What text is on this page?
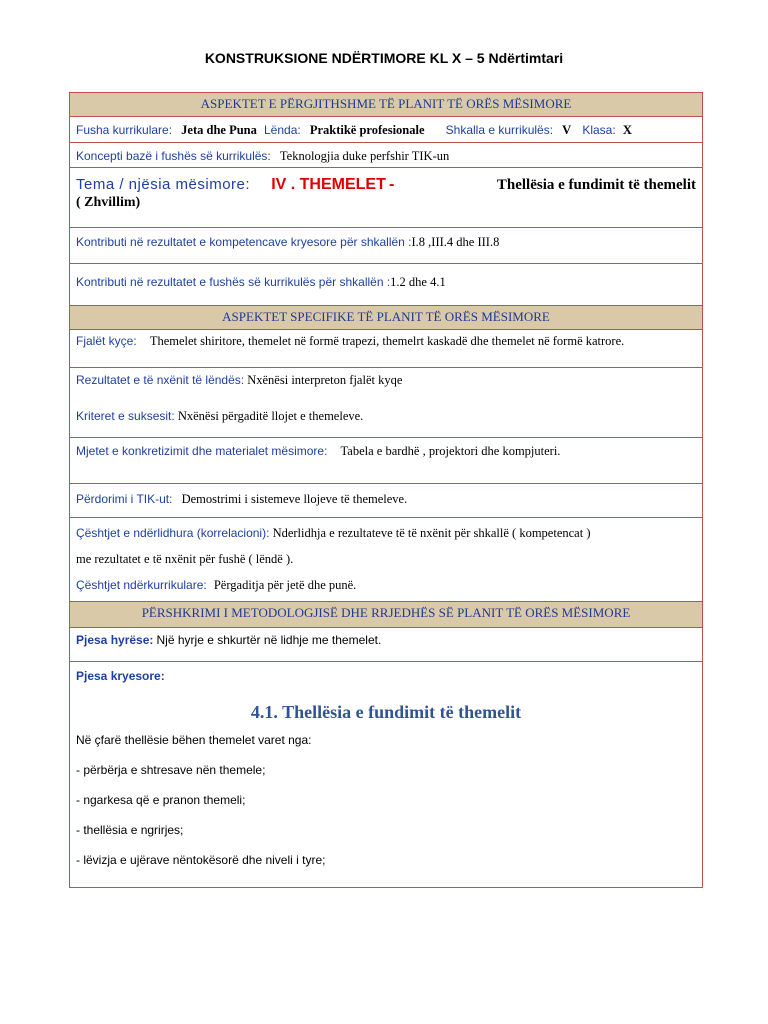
KONSTRUKSIONE NDËRTIMORE KL X – 5 Ndërtimtari
ASPEKTET E PËRGJITHSHME TË PLANIT TË ORËS MËSIMORE
Fusha kurrikulare: Jeta dhe Puna Lënda: Praktikë profesionale Shkalla e kurrikulës: V Klasa: X
Koncepti bazë i fushës së kurrikulës: Teknologjia duke perfshir TIK-un
Tema / njësia mësimore: IV . THEMELET -	Thellësia e fundimit të themelit
( Zhvillim)
Kontributi në rezultatet e kompetencave kryesore për shkallën :I.8 ,III.4 dhe III.8
Kontributi në rezultatet e fushës së kurrikulës për shkallën :1.2 dhe 4.1
ASPEKTET SPECIFIKE TË PLANIT TË ORËS MËSIMORE
Fjalët kyçe: Themelet shiritore, themelet në formë trapezi, themelrt kaskadë dhe themelet në formë katrore.
Rezultatet e të nxënit të lëndës: Nxënësi interpreton fjalët kyqe
Kriteret e suksesit: Nxënësi përgaditë llojet e themeleve.
Mjetet e konkretizimit dhe materialet mësimore: Tabela e bardhë , projektori dhe kompjuteri.
Përdorimi i TIK-ut: Demostrimi i sistemeve llojeve të themeleve.
Çështjet e ndërlidhura (korrelacioni): Nderlidhja e rezultateve të të nxënit për shkallë ( kompetencat )
me rezultatet e të nxënit për fushë ( lëndë ).
Çështjet ndërkurrikulare: Përgaditja për jetë dhe punë.
PËRSHKRIMI I METODOLOGJISË DHE RRJEDHËS SË PLANIT TË ORËS MËSIMORE
Pjesa hyrëse: Një hyrje e shkurtër në lidhje me themelet.
Pjesa kryesore:
4.1. Thellësia e fundimit të themelit
Në çfarë thellësie bëhen themelet varet nga:
- përbërja e shtresave nën themele;
- ngarkesa që e pranon themeli;
- thellësia e ngrirjes;
- lëvizja e ujërave nëntokësorë dhe niveli i tyre;
